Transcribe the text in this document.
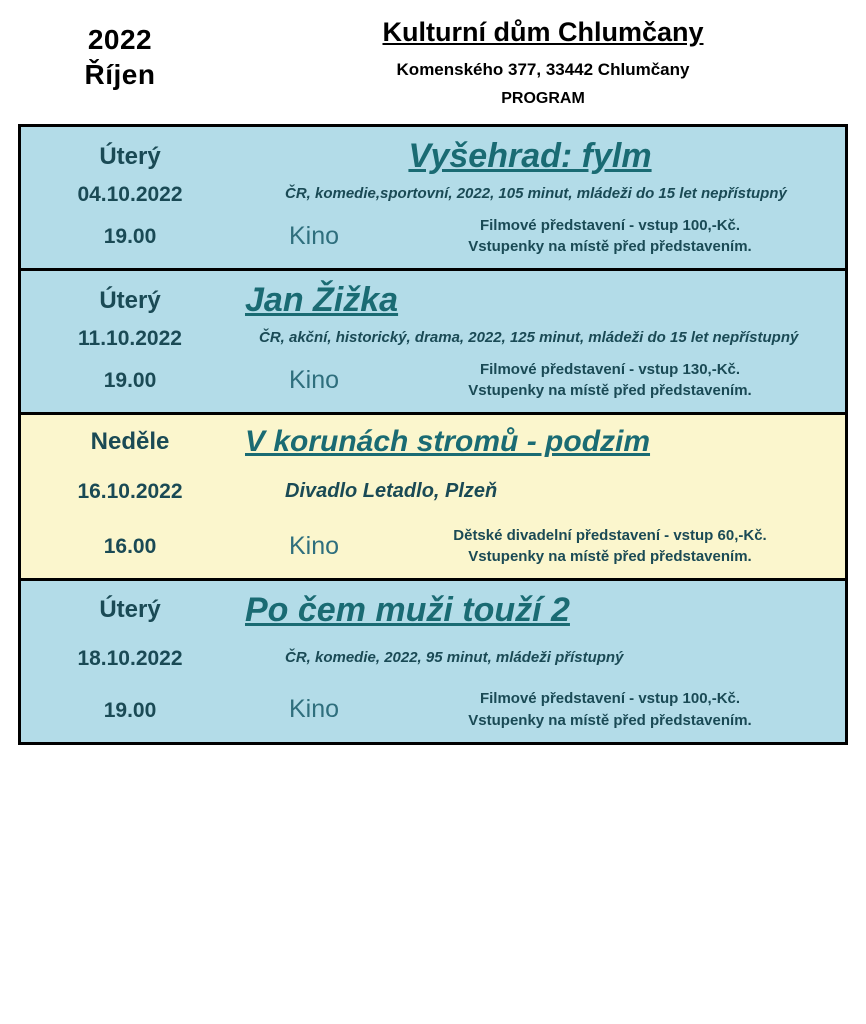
2022
Říjen
Kulturní dům Chlumčany
Komenského 377, 33442 Chlumčany
PROGRAM
Úterý	Vyšehrad: fylm
04.10.2022	ČR, komedie,sportovní, 2022, 105 minut, mládeži do 15 let nepřístupný
19.00	Kino	Filmové představení - vstup 100,-Kč.
Vstupenky na místě před představením.
Úterý	Jan Žižka
11.10.2022	ČR, akční, historický, drama, 2022, 125 minut, mládeži do 15 let nepřístupný
19.00	Kino	Filmové představení - vstup 130,-Kč.
Vstupenky na místě před představením.
Neděle	V korunách stromů - podzim
16.10.2022	Divadlo Letadlo, Plzeň
16.00	Kino	Dětské divadelní představení - vstup 60,-Kč.
Vstupenky na místě před představením.
Úterý	Po čem muži touží 2
18.10.2022	ČR, komedie, 2022, 95 minut, mládeži přístupný
19.00	Kino	Filmové představení - vstup 100,-Kč.
Vstupenky na místě před představením.
